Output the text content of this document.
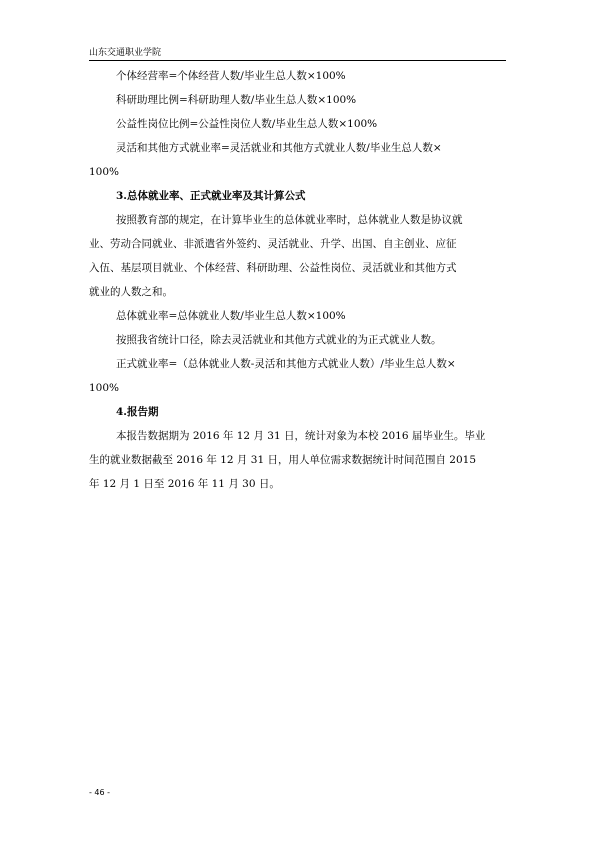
山东交通职业学院
个体经营率=个体经营人数/毕业生总人数×100%
科研助理比例=科研助理人数/毕业生总人数×100%
公益性岗位比例=公益性岗位人数/毕业生总人数×100%
灵活和其他方式就业率=灵活就业和其他方式就业人数/毕业生总人数×
100%
3.总体就业率、正式就业率及其计算公式
按照教育部的规定，在计算毕业生的总体就业率时，总体就业人数是协议就
业、劳动合同就业、非派遣省外签约、灵活就业、升学、出国、自主创业、应征
入伍、基层项目就业、个体经营、科研助理、公益性岗位、灵活就业和其他方式
就业的人数之和。
总体就业率=总体就业人数/毕业生总人数×100%
按照我省统计口径，除去灵活就业和其他方式就业的为正式就业人数。
正式就业率=（总体就业人数-灵活和其他方式就业人数）/毕业生总人数×
100%
4.报告期
本报告数据期为 2016 年 12 月 31 日，统计对象为本校 2016 届毕业生。毕业
生的就业数据截至 2016 年 12 月 31 日，用人单位需求数据统计时间范围自 2015
年 12 月 1 日至 2016 年 11 月 30 日。
- 46 -
